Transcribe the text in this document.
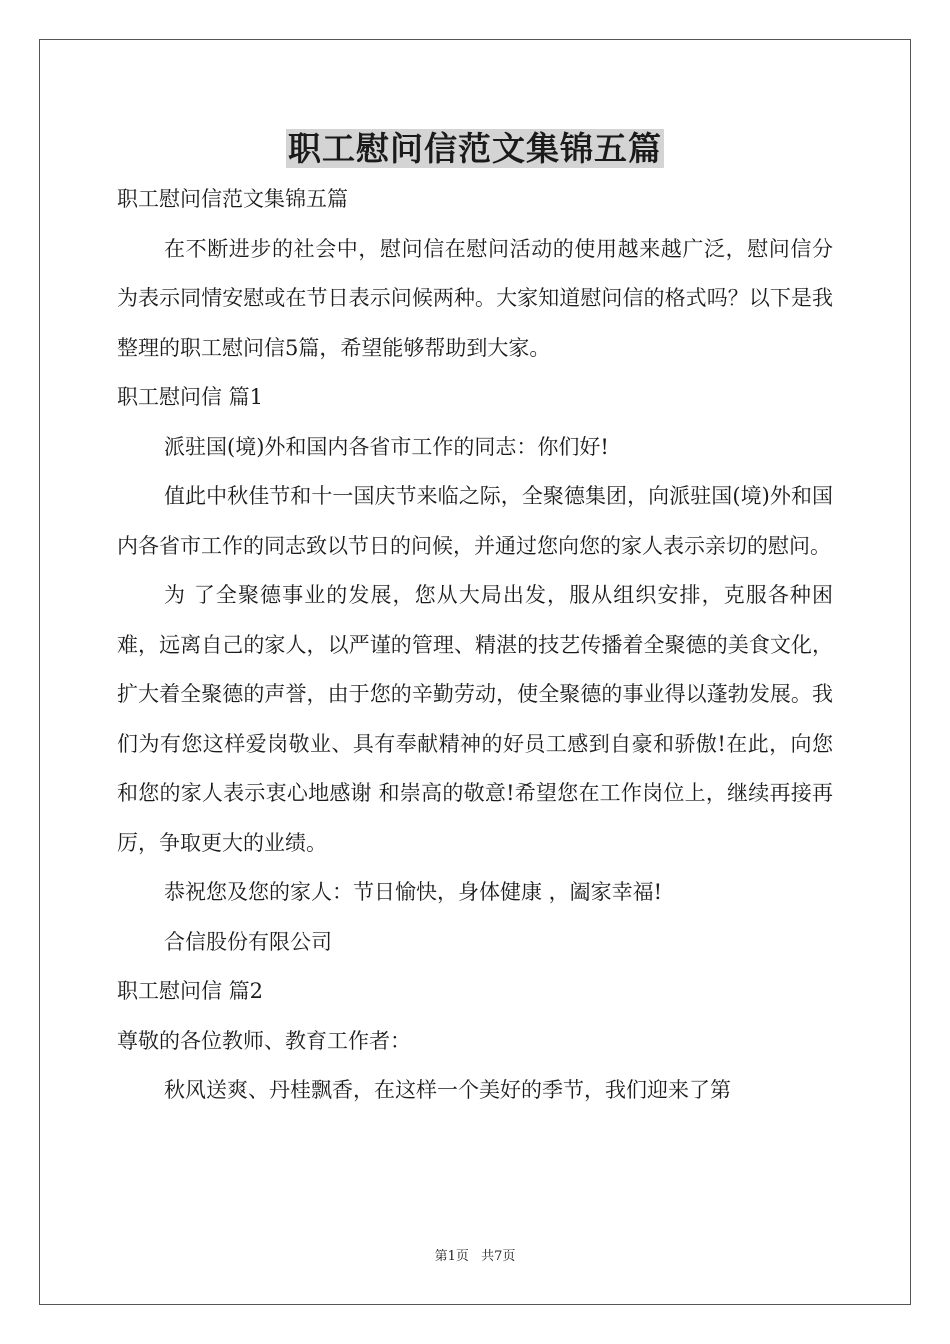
职工慰问信范文集锦五篇

职工慰问信范文集锦五篇

在不断进步的社会中，慰问信在慰问活动的使用越来越广泛，慰问信分为表示同情安慰或在节日表示问候两种。大家知道慰问信的格式吗？以下是我整理的职工慰问信5篇，希望能够帮助到大家。

职工慰问信 篇1

派驻国(境)外和国内各省市工作的同志：你们好!

值此中秋佳节和十一国庆节来临之际，全聚德集团，向派驻国(境)外和国内各省市工作的同志致以节日的问候，并通过您向您的家人表示亲切的慰问。

为 了全聚德事业的发展，您从大局出发，服从组织安排，克服各种困难，远离自己的家人，以严谨的管理、精湛的技艺传播着全聚德的美食文化，扩大着全聚德的声誉，由于您的辛勤劳动，使全聚德的事业得以蓬勃发展。我们为有您这样爱岗敬业、具有奉献精神的好员工感到自豪和骄傲!在此，向您和您的家人表示衷心地感谢 和崇高的敬意!希望您在工作岗位上，继续再接再厉，争取更大的业绩。

恭祝您及您的家人：节日愉快，身体健康 ，阖家幸福!

合信股份有限公司

职工慰问信 篇2

尊敬的各位教师、教育工作者：

秋风送爽、丹桂飘香，在这样一个美好的季节，我们迎来了第

第1页 共7页
